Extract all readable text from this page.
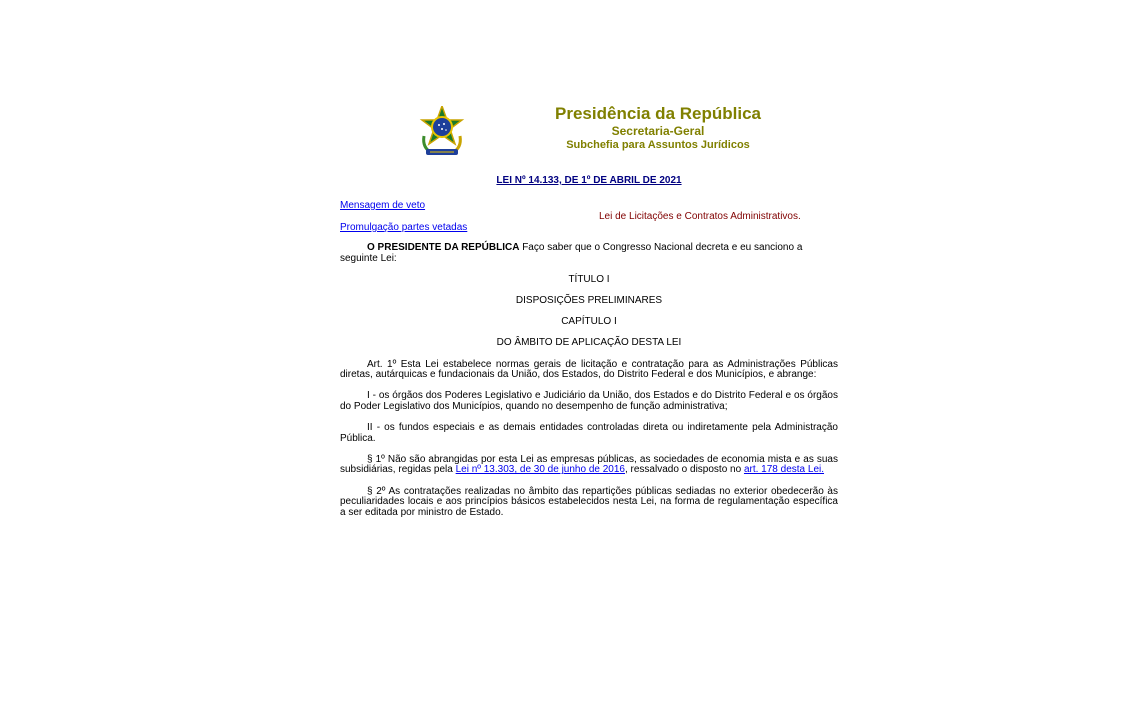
Presidência da República
Secretaria-Geral
Subchefia para Assuntos Jurídicos
LEI Nº 14.133, DE 1º DE ABRIL DE 2021
Mensagem de veto
Promulgação partes vetadas
Lei de Licitações e Contratos Administrativos.

O PRESIDENTE DA REPÚBLICA Faço saber que o Congresso Nacional decreta e eu sanciono a seguinte Lei:

TÍTULO I

DISPOSIÇÕES PRELIMINARES

CAPÍTULO I

DO ÂMBITO DE APLICAÇÃO DESTA LEI

Art. 1º Esta Lei estabelece normas gerais de licitação e contratação para as Administrações Públicas diretas, autárquicas e fundacionais da União, dos Estados, do Distrito Federal e dos Municípios, e abrange:

I - os órgãos dos Poderes Legislativo e Judiciário da União, dos Estados e do Distrito Federal e os órgãos do Poder Legislativo dos Municípios, quando no desempenho de função administrativa;

II - os fundos especiais e as demais entidades controladas direta ou indiretamente pela Administração Pública.

§ 1º Não são abrangidas por esta Lei as empresas públicas, as sociedades de economia mista e as suas subsidiárias, regidas pela Lei nº 13.303, de 30 de junho de 2016, ressalvado o disposto no art. 178 desta Lei.

§ 2º As contratações realizadas no âmbito das repartições públicas sediadas no exterior obedecerão às peculiaridades locais e aos princípios básicos estabelecidos nesta Lei, na forma de regulamentação específica a ser editada por ministro de Estado.
